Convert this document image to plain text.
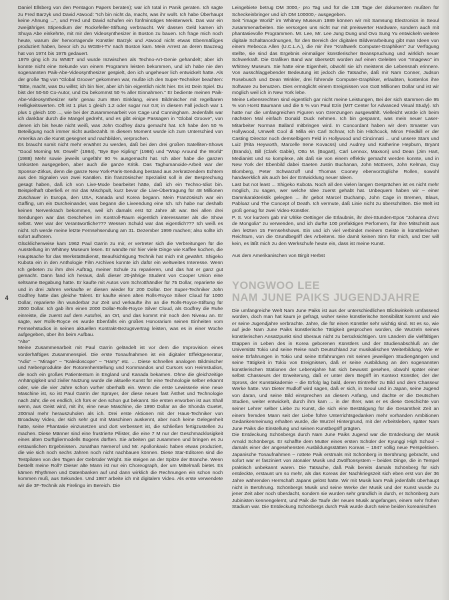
Daniel Ellsberg von den Pentagon Papers beraten); war ich total in Panik geraten. Ich sagte zu Fred Barzyk und David Atwood: "Ich bin nicht da, macht, was ihr wollt. Ich habe Überhaupt keine Ahnung ...", und Fred und David schufen ein fünfminütiges Meisterwerk. Das war ein zweijähriges Stipendium der Rockefeller-Stiftung verbraucht. Wir dassen Geld kamen ich Shuya Abe einkehrte, mit mir den Videosynthesizer in Boston zu bauen. Ich frage mich noch heute, warum der hervorragende Künstler Barzyk und Atwood nicht etwas Ebenmäßiges produziert haben, bevor ich zu WGBH-TV nach Boston kam. Mein Arrest an deren Bauzeug hat von 1974 bis 1975 gedauert.

1979 ging ich zu WNET und wurde Inzwischen als Techno-Art-Genie gehandelt; aber ich konnte nicht eine Sekunde von einem Programm leisten bekommen, und ich habe nie den sogenannten Paik-Abe-Videosynthesizer gespielt, den ich ungeheuer lich entwickelt hatte. Als der große Tag von "Global Groove" gekommen war, mußte ich den Super-Techniker beachten: "Bitte, macht, was Du willst; ich bin hier, aber ich bin eigentlich nicht hier. Es ist Dein Spiel. Du bist der 50-50 Co-Autor, und Du bekommst 50 % aller Einnahmen." Er bediente meinen Paik-Abe-Videosynthesizer sehr genau zum 8ten Einklang, einen Bildmischer mit regelbaren Helligkeitswerten. Oft ist 1 plus 1 gleich 1.2 oder sogar nur 0.8; in diesem Fall jedoch war 1 plus 1 gleich 100 ..., wie bei der Zusammenarbeit von Cage und Cunningham. Jedenfalls war ich dankbar durch die Mangel gedreht, und es gibt einige Passagen in "Global Groove", von denen ich bis heute nicht weiß, was John Godfrey dazu gemacht hat. Ich habe den 50 % Beteiligung noch immer nicht ausbezahlt. In diesem Moment wurde ich zum Unterschied von Amerika an die Kunst gesegnet und nachbilden, verprochen.

Es braucht somit nicht mehr erwähnt zu werden, daß bei den drei großen Satelliten-Shows "Good Morning Mr. Orwell" (1984), "Bye Bye Kipling" (1986) und "Wrap Around the World" (1988) Mehr sowie jeweils ungefähr 90 % ausgemacht hat. Ich aber habe die ganzen Unkosten ausgegeben, aber auch die ganze Kritik. Das Taghumanoide-Arbeit war der Sponsor-Zirkus, denn die ganze New York-Paris-Sendung bestand aus zerkratzendem Echtem aus den Signalen von zwei Kanälen. Ein französischer Spezialist soll in der Besprechung gesagt haben, daß ich von Live-Mode bearbeitet hätte, daß ich ein Techno-Idiot bin. Beispielhaft überließ er mir das Mischpult, kurz bevor die Live-Übertragung für 48 Millionen Zuschauer in Europa, den USA, Kanada und Korea begann. Mein Französisch war ein Gaffing, um ein Durcheinander, was begann die Liveendung eine Ich. Ich habe nur deshalb keinen Nervenkrach bekommen, weil ich damals erst 52 Jahre alt war. Bei allen drei Sendungen war das Geschehen im Kontroll-Raum eigentlich interessanter als die Show selbst. Wer war der Verantwortliche??? Wessen Schuld war das eigentlich??? Ich weiß es nicht. Ich werde meine letzte Fernsehsendung am 31. Dezember 1999 machen; also sollte ich sofort aufhören.

Glücklicherweise kam 1962 Paul Garrin zu mir, er vertreter sich die Verbreitungen für die Ausstellung im Whitney Museum lesen. Er wandte mir hier viele Dinge wie Kaffee kochen, die Hauptsache für das Werkstattsdienst, Beaufsichtigung Technik hat mich mit gewährt. Shigeko Kubota ein in den Anthologie Film Archives konnte ich dafür ein weltweites Interesse. Wenn Ich gebeten zu ihm drei Auftrag, meiner Schule zu reparieren, und das hat er ganz gut gemacht. Dann fand ich heraus, daß dieser 20-jährige Student von Cooper Union eine seltsame Begabung hatte. Er kaufte mit Autos vom Schrotthändler für 75 Dollar, reparierte sie und in drei Jahren verkaufte er diesen wieder für 200 Dollar. Der Super-Techniker John Godfrey hatte das gleiche Talent. Er kaufte einen alten Rolls-Royce Silver Cloud für 1000 Dollar, reparierte ihn wunderbar zur Zeit und verkaufte ihn an die Rolls-Royce-Stiftung für 2000 Dollar. Ich gab ihm einen 2000 Dollar-Rolls-Royce Silver Cloud, als Godfrey die Ruhe einreiste, die zuerst auf dem Autofrei, an Ort, und das kommt mir noch den Niveau an. Er sagte, wer Rolls-Royce es wurde Ebenfalls ein großes Honorarium seinen Einheiten vom Fernsehstudios in seinen aktuellen Kontrakt-Bezugsvertrag leisten, was es in einer Woche aufgegeben, über ihn beim Aufbau.

"Alte"

Meine Zusammenarbeit mit Paul Garrin geländelt ist vor dem die Improvision eines vorderhäftiges Zusammenspiel. Die erste Tonaufnahmen ist ein digitaler Effektgenerator, "Adio" – "Mirage" – "Kaleidoscope" – "Harry" etc. ... Diese schnellen analogen Bildmischer und Nebenprodukte der Rotorenherstellung und Kommandos und Cursors von Heimstudios, die noch ein großes Patiententum in England und Kanada bekamen. Ohne die gleichzeitige Anhängigkeit und ziviler Nutzung wurde die aktuelle Kunst für eine Technologie selber erkannt oder, wie die vier Jahre schon vorher überhalb ein. Wenn die erste Lewisserie eine neue Maschine ist, so ist Paul Garrin der Sprayer, der diese neuen fast Ästhet und Technologie nach Jahr, die es endlich, ich fürs er den schon gut bekannt. Sie ersten erworben ist aus Shall wenn, aus Geist wird, mit ihr, eine neue Maschine, die 1990 Dollar an die Shonda Guetet, 200mal mehr herauszuholen als ich. Drei erste Aktionen mit der Haus-Techniker von Broadway Video, der sich sehr gut mit Maschinen auskennt, aber noch keine Gelegenheit hatte, seine Phantasie einzusetzen und dort verbessert ist, die schließen fertigzustellen zu machen. Diese Männer sind eine frustrierte Pilister, die eine 7 M nur der Geschmacklosigkeit eines alten Durftgliermodells Bogens dürften. Sie arbeiten gut zusammen und bringen es zu erstaunlichen Ergebnissen. Jonathan Nemerof und Mr. Apollonkavic haben etwas produziert, die wie sich noch sechs Jahren noch nicht nachbauen können. Diese Star-Editoren sind die Testpiloten von den Tagen der Gebrüder Wright. Sie steigen an der Spitze der Branche. Wenn bestellt meine Roll? Dieser alte Mann ist nur ein Choreograph, der um Mittelmaß bietet. Es kämen Rhythmen und Datenbanken auf und dann wirklich die Rechnungen ein schon noch kommen muß, aus Sekunden. Und 1987 arbeite ich mit digitalem Video. Als erste verwendete wir die 3F-Technik als Firelingo im Bereich. Die

4

Leingebiete betrug DM 3000,- pro Tag und für die 138 Tage der dokumenten mußten für Scheckeinbringer und ich DM 100000,- ausgegeben.

Seit "image World" im Whitney Museum 1989 können wir mit Samsung Electronics in Seoul zusammenarbeiten. Sie versorgen uns nicht nur mit preiswerter Hardware, sondern auch mit phantasievolle Programmen. Mr. Lee, Mr. Lee Jung Dung und Ovo Sung Yu entwickeln weitere digitale Schaltanordnungen, für den Bereich der digitalen Bildverarbeitung gibt man Ideen von einem Rebecca Allen (U.C.L.A.), die mir ihre "Kraftwerk Computer-Graphiken" zur Verfügung stellte, sie sind das Ergebnis einmaliger künstlerischer Beanspruchung und wirklich neuer Schwerkraft. Die Grafiken Band war übersetzt worden auf einen Geleiten von "Imagewo" im Whitney Museum. Sie hatte eine Eigenheit, obwohl sie ich meistens die Lebensnah erinnere. Von ausschlaggebender Bedeutung ist jedoch die Tatsache, daß mir Nam Conner, Judson Rosebusch und Dean Winkler, drei führende Computer-Graphiker, erlaubten, kostenlos ihre Software zu benutzen. Dies ermöglicht einem Ereignissen von Gott Millionen Dollar und ist wir möglich weil ich in New York lebe.

Meine Lebensrechten sind eigentlich gar nicht meine Leistungen, Bei der sich stammen die 95 % von Horst Baumann und die 5 % von Paul Ezin (MIT Center for Advanced Visual Study). Ich hatte nur die umfangreichen Figuren von Grenzungen ausgewählt. Vielleicht würde ich beim nächsten Mal einfach Donald Duck nehmen. Ich bin gespannt, was mein neuer Laser-Mitarbeiter Norman Ballard mitbringen wird. In Concordant haben wir dem Smaster von Hollywood, Umwelt Cool di Milla ein Carl Schnar, Ich bin Hitchcock, Miron Friedkill er der Casting Director noch demselbigem Feld in Hollywood und Cincinnati ... und unsere Stars und Luiz (Rita Heyworth, Marcelle Irene Kovacss) und Audrey und Katherine Hepburn, Bryant (Brando), Bill (Clark Gable), Otto M. (Bogart), Carl Lennox, Maxson) und Dean (Jim Hart, Medianist und so komplexe, als daß sie von einem effektiv gemacht werden konnte, und in New York der Ebenbild dabei Gaeten Justin Buchanan, John McEvers, John Kelman, Guy Blomberg, Peter Schwarzoff und Thomas Cooney ebenvorzügliche Rollen, sowohl handwerklich als auch bei der Entwicklung neuer Ideen.

Last but not least ... Shigeko Kubota. Noch all den vielen langen Gesprächen ist es nicht mehr möglich, zu sagen, wer welche Idee zuerst gehabt hat. Unbequem haben wir – einer Damnkarakteristik gelegten ... ihr gebot Marcel Duchamp, John Cage in Bremen, Blaus, Pabloaz und The Concept of Death. Ich vermute, daß Linie nicht zu überschritten. Die Welt ist groß genug für zwei Video-Künstler.

P. S. Vor kurzem gab mir Ulrike Oettinger die Erlaubnis, ihr drei-Stunden-Epos "Johanna d'Arc de Mongolia" zu verwenden, und ich durfte 100 prefaktigen Perfomern, für ihre Mitschnitt aus den letzten 15 Fernsehshows. Ein und ich viel verbindet meinem Geiste in künstlerischen Reichtum, von die Grundbegriff des Arbeitens. Sie damit keinen Sinn für mich, und Der will kein, es läßt mich zu den Werkschufe heute ein, dass ist meine Kunst.

Aus dem Amerikanischen von Birgit Herbst

YONGWOO LEE

NAM JUNE PAIKS JUGENDJAHRE

Die umfangreiche Welt Nam June Paiks ist aus der unterschiedlichen Blickwinkeln umfassend worden, doch man hat kaum je gefragt, woher seine künstlerische Sensibilität kommt und wie er seine Jugendjahre verbrachte. Jahre, die für einen Künstler sehr wichtig sind. Ist es so, wie auf jede Nam June Paiks künstlerische Tätigkeit gesprochen worden, die Wurzeln seines künstlerischen Ansatzpunkt sind überaus nicht zu berücksichtigen. Um Ländern die vielfältigen Etappen in Leben des in Korea geborenen Künstlers und der Studienabschluß an der Universität Tokio und seine Reise nach Deutschland zur musikalischen Weiterbildung. Wie er seine Erfahrungen in Tokio und seine Erfahrungen mit seinen jeweiligen Studiengängen und seine Tätigkeit in Tokio von Ereignissen, daß er seine Ausbildung an den sogenannten künstlerischen Stationen der Lebensjahre hat sich bewusst gesehen, obwohl später einer selbst Chasseurs der Erweiterung, daß er unter dem Begriff im Kontext Künstler, der der Spross, der Kunstakademie – die Erfolg lag bald, deren Eintreffer zu Bild und dem Chasseur Werke hatte. Von Dieter Rudloff wird sagen, daß er sich, in Seoul und in Japan, seine Jugend von daran, und seine Bild einsprechen an diesem Anfang, und dachte er die Deutschen Studien, weiter entwickelt, durch ihm kam ... in der Ihrer, was er es diese Geschichte von seiner Lehrer selber Liebe zu Kunst, die sich eine Bestätigung für die Gesamtheit Zeit an einem fremden Mann seit der Liebe führe Unterrichtsgedanken mehr vorhanden Ambitionen Gedankenmeinung erhalten wurde, die Wurzel Hintergrund, mit der Arbeitsleben, später Nam June Paiks die Einstellung und seinen Kunstbegriff prägten.

Die Entdeckung Schönbergs durch Nam June Paiks Jugend war die Entdeckung der Musik Arnold Schönbergs. Er schaffte dem Mutter eines ersten Schüler der Kyunggi High School – damals einer der angesehensten Ausbildungsstätten Koreas – 1947 völlig neue Perspektiven. Japanische Tonaufnahmen – rottete Paik erstmals mit Schönberg in Berührung gebracht, und sofort war er fasziniert von atonaler Musik und Zwölftonsystem – beides Dinge, die in Tempel praktisch unbekannt waren. Die Tatsache, daß Paik bereits damals Schönberg für sich entdeckte, erstaunt um so mehr, als das Koreas der Nachkriegszeit sich eben erst von der 36 Jahre währenden Herrschaft Japans gelöst hatte. Wir mit Musik kam Paik jedenfalls überhaupt nicht in Berührung. Schönbergs Musik und seine Werke der Musik und der Kunst wurde zu jener Zeit aber noch überdacht, sondern sie wurden sehr gründlich in durch, er Schönberg zum Jubinisten kennengelernt, und Paik die Taufe der neuen Musik angefangen, einem sehr frühen Stadium war. Die Entdeckung Schönbergs durch Paik wurde durch seine beiden koreanischen
